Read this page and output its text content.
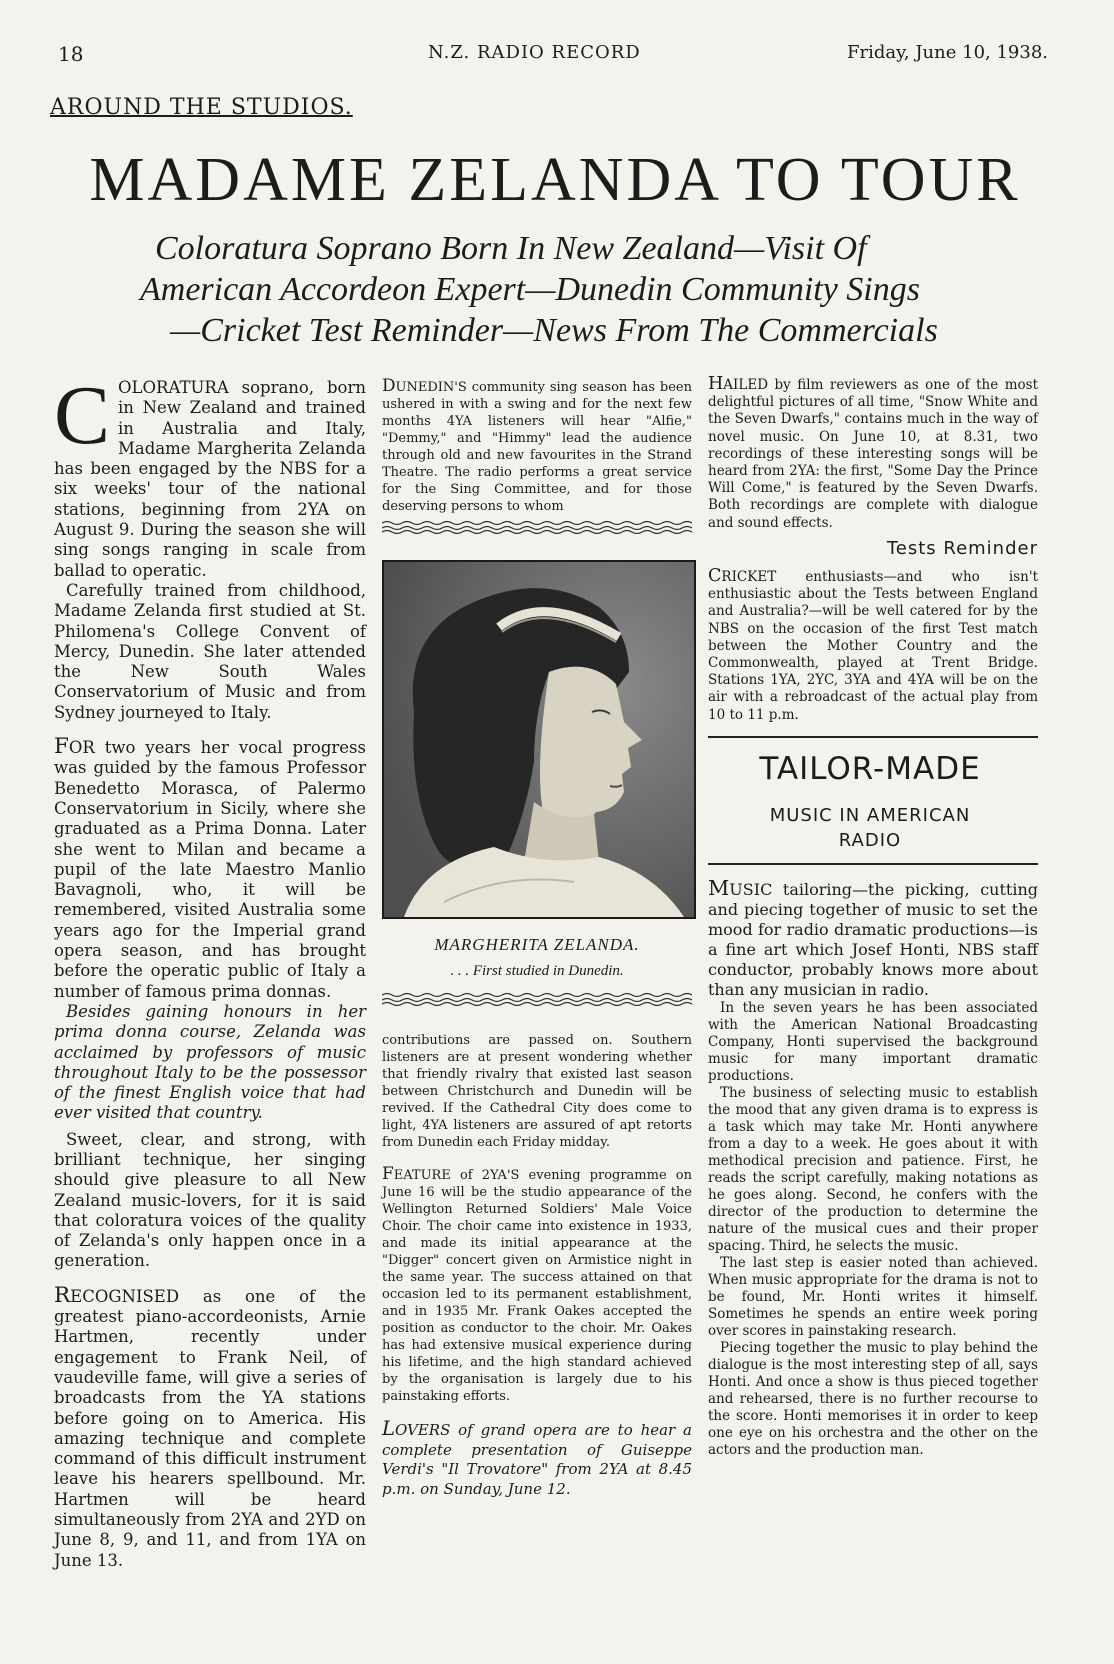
18	N.Z. RADIO RECORD	Friday, June 10, 1938.
AROUND THE STUDIOS.
MADAME ZELANDA TO TOUR
Coloratura Soprano Born In New Zealand—Visit Of
American Accordeon Expert—Dunedin Community Sings
—Cricket Test Reminder—News From The Commercials

COLORATURA soprano, born in New Zealand and trained in Australia and Italy, Madame Margherita Zelanda has been engaged by the NBS for a six weeks' tour of the national stations, beginning from 2YA on August 9. During the season she will sing songs ranging in scale from ballad to operatic.

Carefully trained from childhood, Madame Zelanda first studied at St. Philomena's College Convent of Mercy, Dunedin. She later attended the New South Wales Conservatorium of Music and from Sydney journeyed to Italy.

FOR two years her vocal progress was guided by the famous Professor Benedetto Morasca, of Palermo Conservatorium in Sicily, where she graduated as a Prima Donna. Later she went to Milan and became a pupil of the late Maestro Manlio Bavagnoli, who, it will be remembered, visited Australia some years ago for the Imperial grand opera season, and has brought before the operatic public of Italy a number of famous prima donnas.

Besides gaining honours in her prima donna course, Zelanda was acclaimed by professors of music throughout Italy to be the possessor of the finest English voice that had ever visited that country.

Sweet, clear, and strong, with brilliant technique, her singing should give pleasure to all New Zealand music-lovers, for it is said that coloratura voices of the quality of Zelanda's only happen once in a generation.

RECOGNISED as one of the greatest piano-accordeonists, Arnie Hartmen, recently under engagement to Frank Neil, of vaudeville fame, will give a series of broadcasts from the YA stations before going on to America. His amazing technique and complete command of this difficult instrument leave his hearers spellbound. Mr. Hartmen will be heard simultaneously from 2YA and 2YD on June 8, 9, and 11, and from 1YA on June 13.

DUNEDIN'S community sing season has been ushered in with a swing and for the next few months 4YA listeners will hear "Alfie," "Demmy," and "Himmy" lead the audience through old and new favourites in the Strand Theatre. The radio performs a great service for the Sing Committee, and for those deserving persons to whom

MARGHERITA ZELANDA.
. . . First studied in Dunedin.

contributions are passed on. Southern listeners are at present wondering whether that friendly rivalry that existed last season between Christchurch and Dunedin will be revived. If the Cathedral City does come to light, 4YA listeners are assured of apt retorts from Dunedin each Friday midday.

FEATURE of 2YA'S evening programme on June 16 will be the studio appearance of the Wellington Returned Soldiers' Male Voice Choir. The choir came into existence in 1933, and made its initial appearance at the "Digger" concert given on Armistice night in the same year. The success attained on that occasion led to its permanent establishment, and in 1935 Mr. Frank Oakes accepted the position as conductor to the choir. Mr. Oakes has had extensive musical experience during his lifetime, and the high standard achieved by the organisation is largely due to his painstaking efforts.

LOVERS of grand opera are to hear a complete presentation of Guiseppe Verdi's "Il Trovatore" from 2YA at 8.45 p.m. on Sunday, June 12.

HAILED by film reviewers as one of the most delightful pictures of all time, "Snow White and the Seven Dwarfs," contains much in the way of novel music. On June 10, at 8.31, two recordings of these interesting songs will be heard from 2YA: the first, "Some Day the Prince Will Come," is featured by the Seven Dwarfs. Both recordings are complete with dialogue and sound effects.

Tests Reminder

CRICKET enthusiasts—and who isn't enthusiastic about the Tests between England and Australia?—will be well catered for by the NBS on the occasion of the first Test match between the Mother Country and the Commonwealth, played at Trent Bridge. Stations 1YA, 2YC, 3YA and 4YA will be on the air with a rebroadcast of the actual play from 10 to 11 p.m.

TAILOR-MADE
MUSIC IN AMERICAN
RADIO

MUSIC tailoring—the picking, cutting and piecing together of music to set the mood for radio dramatic productions—is a fine art which Josef Honti, NBS staff conductor, probably knows more about than any musician in radio.

In the seven years he has been associated with the American National Broadcasting Company, Honti supervised the background music for many important dramatic productions.

The business of selecting music to establish the mood that any given drama is to express is a task which may take Mr. Honti anywhere from a day to a week. He goes about it with methodical precision and patience. First, he reads the script carefully, making notations as he goes along. Second, he confers with the director of the production to determine the nature of the musical cues and their proper spacing. Third, he selects the music.

The last step is easier noted than achieved. When music appropriate for the drama is not to be found, Mr. Honti writes it himself. Sometimes he spends an entire week poring over scores in painstaking research.

Piecing together the music to play behind the dialogue is the most interesting step of all, says Honti. And once a show is thus pieced together and rehearsed, there is no further recourse to the score. Honti memorises it in order to keep one eye on his orchestra and the other on the actors and the production man.
